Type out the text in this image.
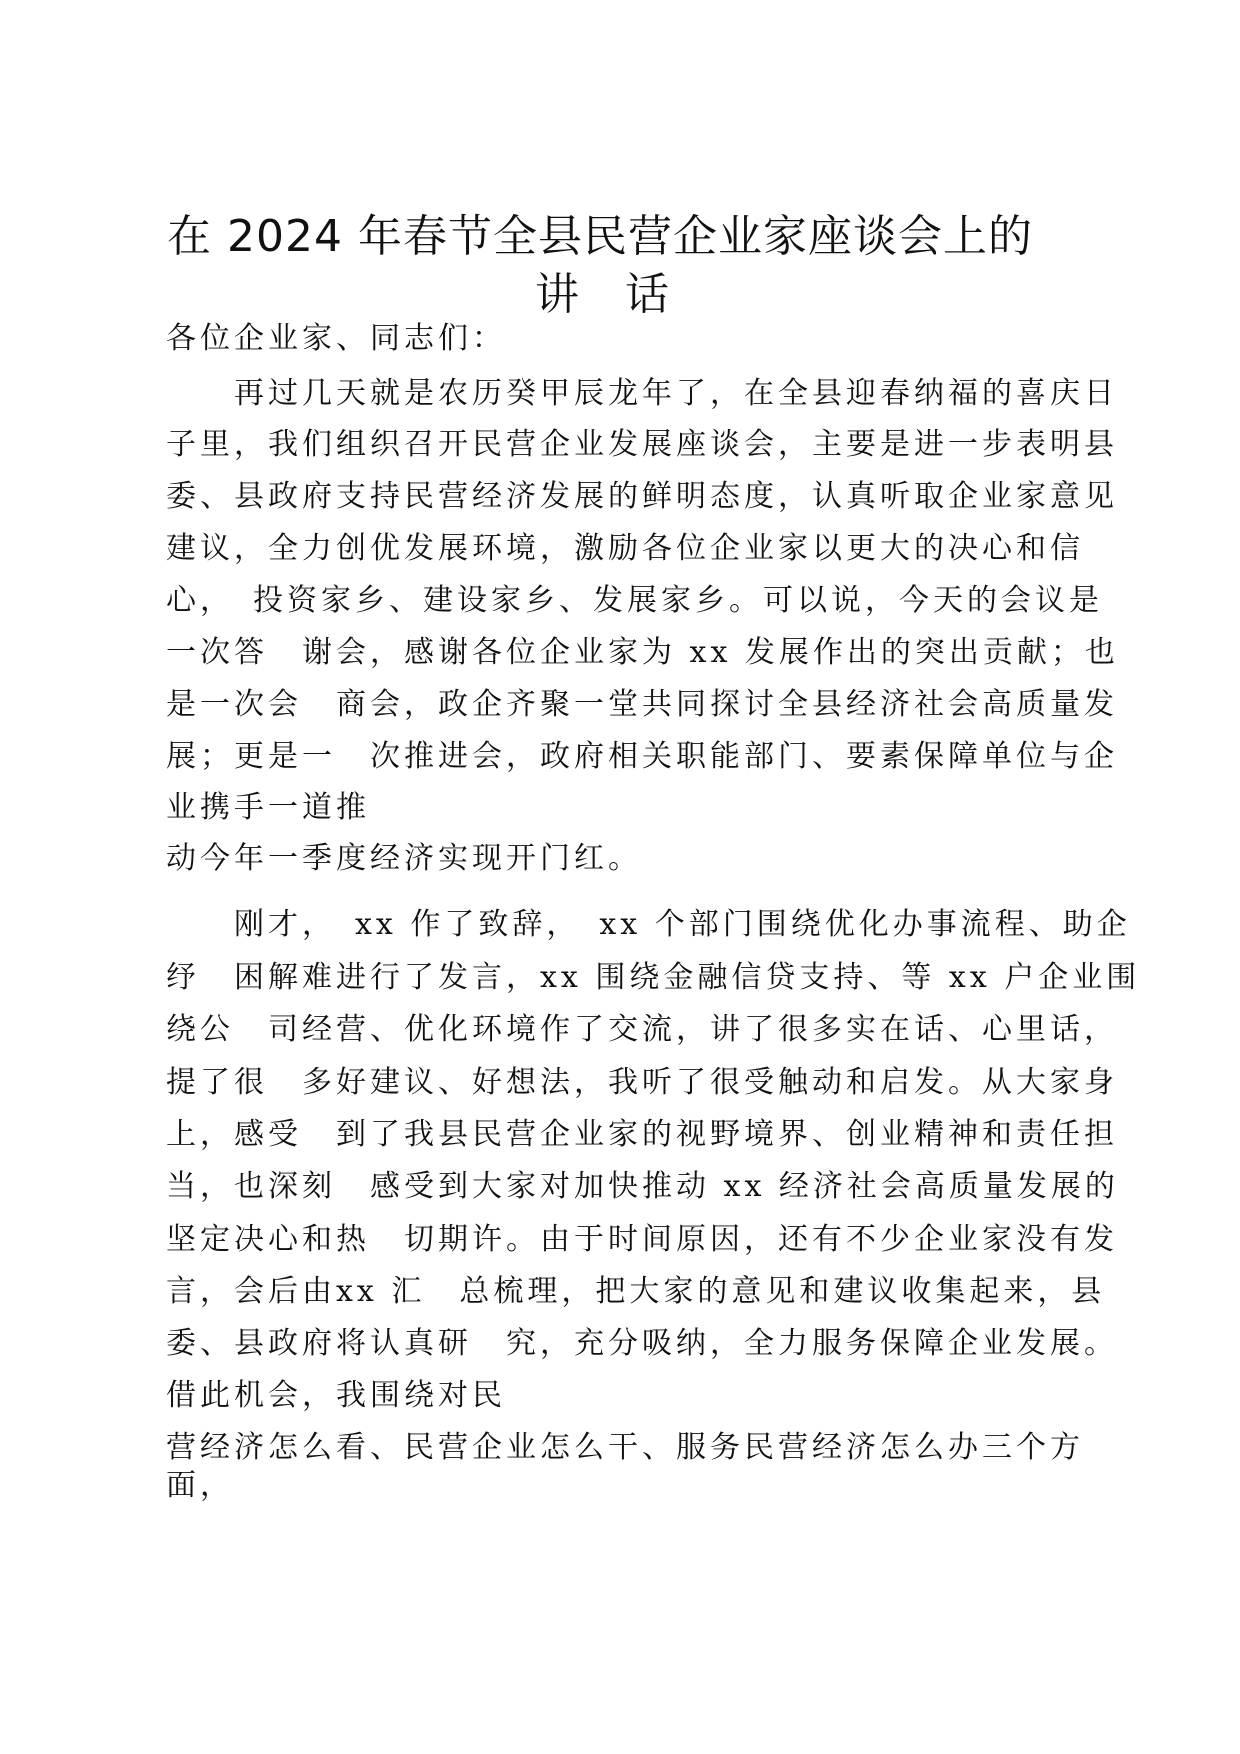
在 2024 年春节全县民营企业家座谈会上的
讲 话

各位企业家、同志们：

　　再过几天就是农历癸甲辰龙年了，在全县迎春纳福的喜庆日

子里，我们组织召开民营企业发展座谈会，主要是进一步表明县

委、县政府支持民营经济发展的鲜明态度，认真听取企业家意见

建议，全力创优发展环境，激励各位企业家以更大的决心和信

心，　投资家乡、建设家乡、发展家乡。可以说，今天的会议是

一次答　谢会，感谢各位企业家为 xx 发展作出的突出贡献；也

是一次会　商会，政企齐聚一堂共同探讨全县经济社会高质量发

展；更是一　次推进会，政府相关职能部门、要素保障单位与企

业携手一道推

动今年一季度经济实现开门红。

　　刚才，　xx 作了致辞，　xx 个部门围绕优化办事流程、助企

纾　困解难进行了发言，xx 围绕金融信贷支持、等 xx 户企业围

绕公　司经营、优化环境作了交流，讲了很多实在话、心里话，

提了很　多好建议、好想法，我听了很受触动和启发。从大家身

上，感受　到了我县民营企业家的视野境界、创业精神和责任担

当，也深刻　感受到大家对加快推动 xx 经济社会高质量发展的

坚定决心和热　切期许。由于时间原因，还有不少企业家没有发

言，会后由xx 汇　总梳理，把大家的意见和建议收集起来，县

委、县政府将认真研　究，充分吸纳，全力服务保障企业发展。

借此机会，我围绕对民

营经济怎么看、民营企业怎么干、服务民营经济怎么办三个方

面，
